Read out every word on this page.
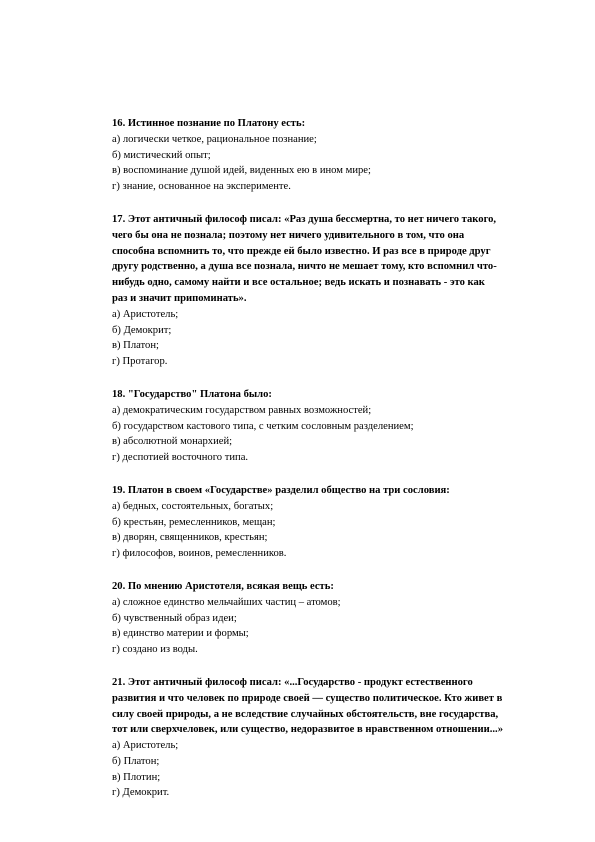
16. Истинное познание по Платону есть:

а) логически четкое, рациональное познание;

б) мистический опыт;

в) воспоминание душой идей, виденных ею в ином мире;

г) знание, основанное на эксперименте.

17. Этот античный философ писал: «Раз душа бессмертна, то нет ничего такого,
чего бы она не познала; поэтому нет ничего удивительного в том, что она
способна вспомнить то, что прежде ей было известно. И раз все в природе друг
другу родственно, а душа все познала, ничто не мешает тому, кто вспомнил что-
нибудь одно, самому найти и все остальное; ведь искать и познавать - это как
раз и значит припоминать».

а) Аристотель;

б) Демокрит;

в) Платон;

г) Протагор.

18. "Государство" Платона было:

а) демократическим государством равных возможностей;

б) государством кастового типа, с четким сословным разделением;

в) абсолютной монархией;

г) деспотией восточного типа.

19. Платон в своем «Государстве» разделил общество на три сословия:

а) бедных, состоятельных, богатых;

б) крестьян, ремесленников, мещан;

в) дворян, священников, крестьян;

г) философов, воинов, ремесленников.

20. По мнению Аристотеля, всякая вещь есть:

а) сложное единство мельчайших частиц – атомов;

б) чувственный образ идеи;

в) единство материи и формы;

г) создано из воды.

21. Этот античный философ писал: «...Государство - продукт естественного
развития и что человек по природе своей — существо политическое. Кто живет в
силу своей природы, а не вследствие случайных обстоятельств, вне государства,
тот или сверхчеловек, или существо, недоразвитое в нравственном отношении...»

а) Аристотель;

б) Платон;

в) Плотин;

г) Демокрит.
